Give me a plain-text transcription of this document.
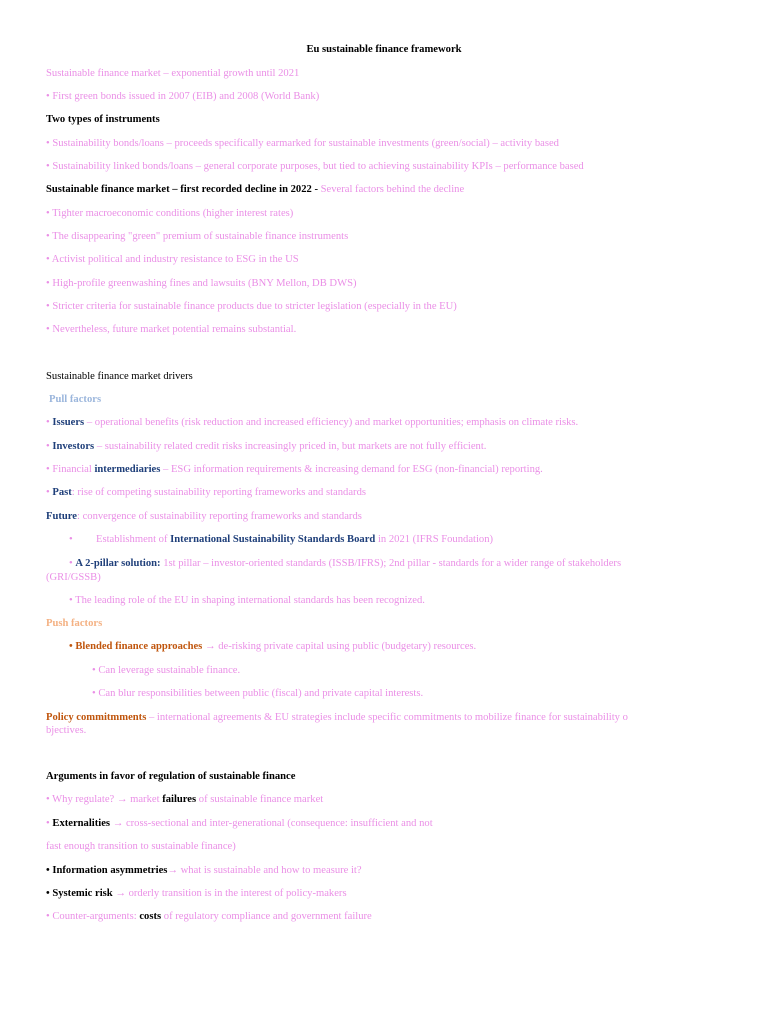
Eu sustainable finance framework
Sustainable finance market – exponential growth until 2021
• First green bonds issued in 2007 (EIB) and 2008 (World Bank)
Two types of instruments
• Sustainability bonds/loans – proceeds specifically earmarked for sustainable investments (green/social) – activity based
• Sustainability linked bonds/loans – general corporate purposes, but tied to achieving sustainability KPIs – performance based
Sustainable finance market – first recorded decline in 2022 - Several factors behind the decline
• Tighter macroeconomic conditions (higher interest rates)
• The disappearing "green" premium of sustainable finance instruments
• Activist political and industry resistance to ESG in the US
• High-profile greenwashing fines and lawsuits (BNY Mellon, DB DWS)
• Stricter criteria for sustainable finance products due to stricter legislation (especially in the EU)
• Nevertheless, future market potential remains substantial.
Sustainable finance market drivers
Pull factors
• Issuers – operational benefits (risk reduction and increased efficiency) and market opportunities; emphasis on climate risks.
• Investors – sustainability related credit risks increasingly priced in, but markets are not fully efficient.
• Financial intermediaries – ESG information requirements & increasing demand for ESG (non-financial) reporting.
• Past: rise of competing sustainability reporting frameworks and standards
Future: convergence of sustainability reporting frameworks and standards
• Establishment of International Sustainability Standards Board in 2021 (IFRS Foundation)
• A 2-pillar solution: 1st pillar – investor-oriented standards (ISSB/IFRS); 2nd pillar - standards for a wider range of stakeholders
(GRI/GSSB)
• The leading role of the EU in shaping international standards has been recognized.
Push factors
• Blended finance approaches → de-risking private capital using public (budgetary) resources.
• Can leverage sustainable finance.
• Can blur responsibilities between public (fiscal) and private capital interests.
Policy commitmments – international agreements & EU strategies include specific commitments to mobilize finance for sustainability o
bjectives.
Arguments in favor of regulation of sustainable finance
• Why regulate? → market failures of sustainable finance market
• Externalities → cross-sectional and inter-generational (consequence: insufficient and not
fast enough transition to sustainable finance)
• Information asymmetries→ what is sustainable and how to measure it?
• Systemic risk → orderly transition is in the interest of policy-makers
• Counter-arguments: costs of regulatory compliance and government failure
